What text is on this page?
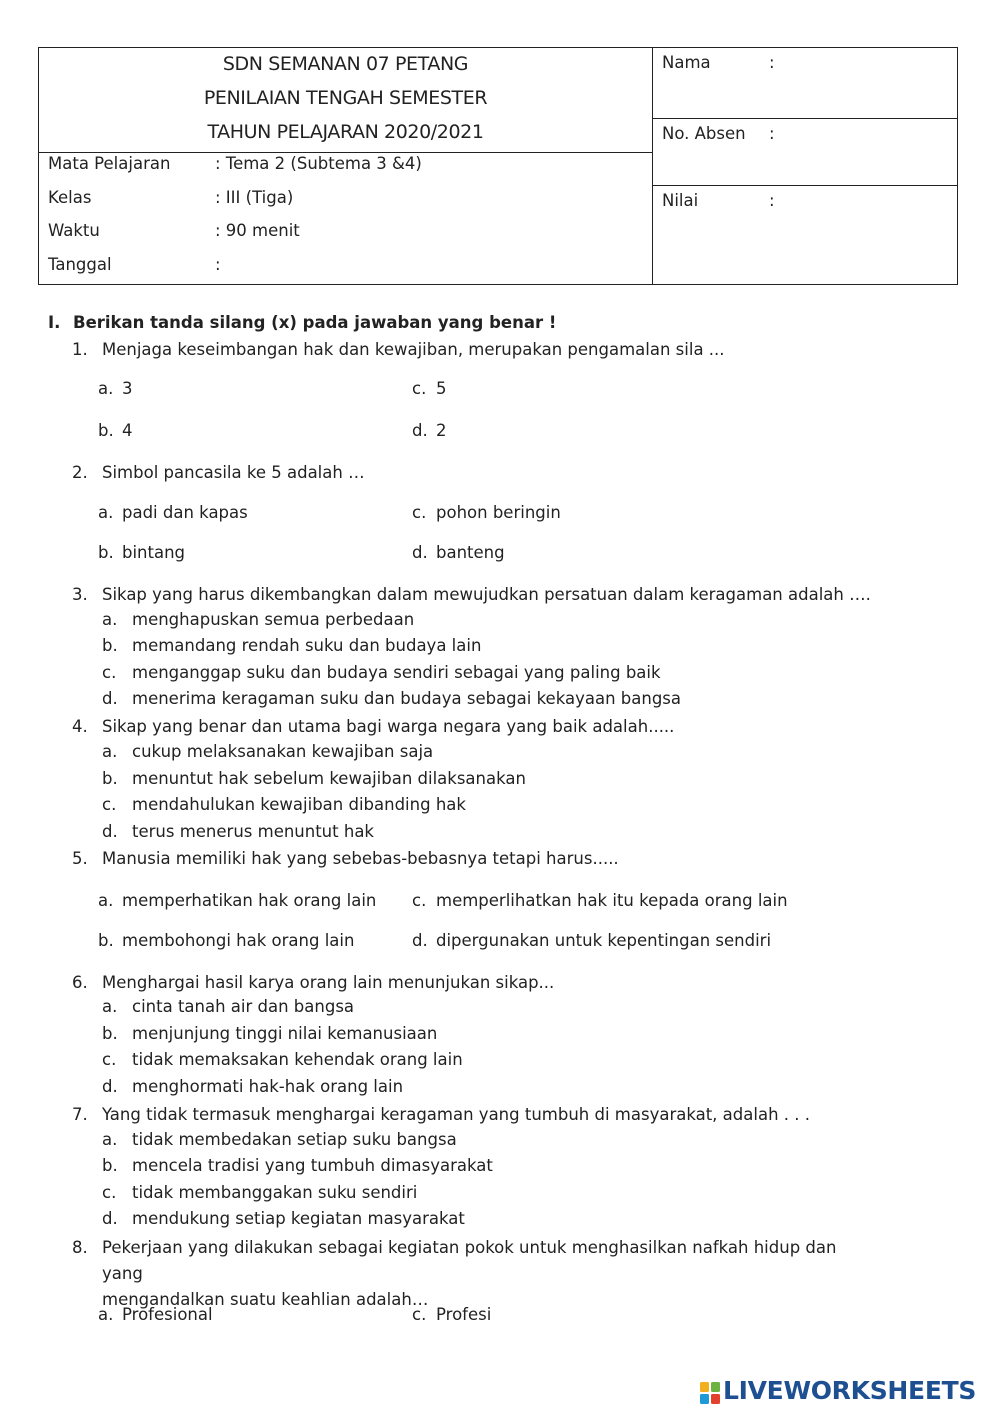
SDN SEMANAN 07 PETANG
PENILAIAN TENGAH SEMESTER
TAHUN PELAJARAN 2020/2021
Mata Pelajaran	: Tema 2 (Subtema 3 &4)
Kelas	: III (Tiga)
Waktu	: 90 menit
Tanggal	:
Nama	:
No. Absen :
Nilai	:
I. Berikan tanda silang (x) pada jawaban yang benar !
1. Menjaga keseimbangan hak dan kewajiban, merupakan pengamalan sila ...
a. 3	c. 5
b. 4	d. 2
2. Simbol pancasila ke 5 adalah …
a. padi dan kapas	c. pohon beringin
b. bintang	d. banteng
3. Sikap yang harus dikembangkan dalam mewujudkan persatuan dalam keragaman adalah ….
a. menghapuskan semua perbedaan
b. memandang rendah suku dan budaya lain
c. menganggap suku dan budaya sendiri sebagai yang paling baik
d. menerima keragaman suku dan budaya sebagai kekayaan bangsa
4. Sikap yang benar dan utama bagi warga negara yang baik adalah.....
a. cukup melaksanakan kewajiban saja
b. menuntut hak sebelum kewajiban dilaksanakan
c. mendahulukan kewajiban dibanding hak
d. terus menerus menuntut hak
5. Manusia memiliki hak yang sebebas-bebasnya tetapi harus.....
a. memperhatikan hak orang lain c. memperlihatkan hak itu kepada orang lain
b. membohongi hak orang lain	d. dipergunakan untuk kepentingan sendiri
6. Menghargai hasil karya orang lain menunjukan sikap...
a. cinta tanah air dan bangsa
b. menjunjung tinggi nilai kemanusiaan
c. tidak memaksakan kehendak orang lain
d. menghormati hak-hak orang lain
7. Yang tidak termasuk menghargai keragaman yang tumbuh di masyarakat, adalah . . .
a. tidak membedakan setiap suku bangsa
b. mencela tradisi yang tumbuh dimasyarakat
c. tidak membanggakan suku sendiri
d. mendukung setiap kegiatan masyarakat
8. Pekerjaan yang dilakukan sebagai kegiatan pokok untuk menghasilkan nafkah hidup dan yang
mengandalkan suatu keahlian adalah…
a. Profesional	c. Profesi
LIVEWORKSHEETS
